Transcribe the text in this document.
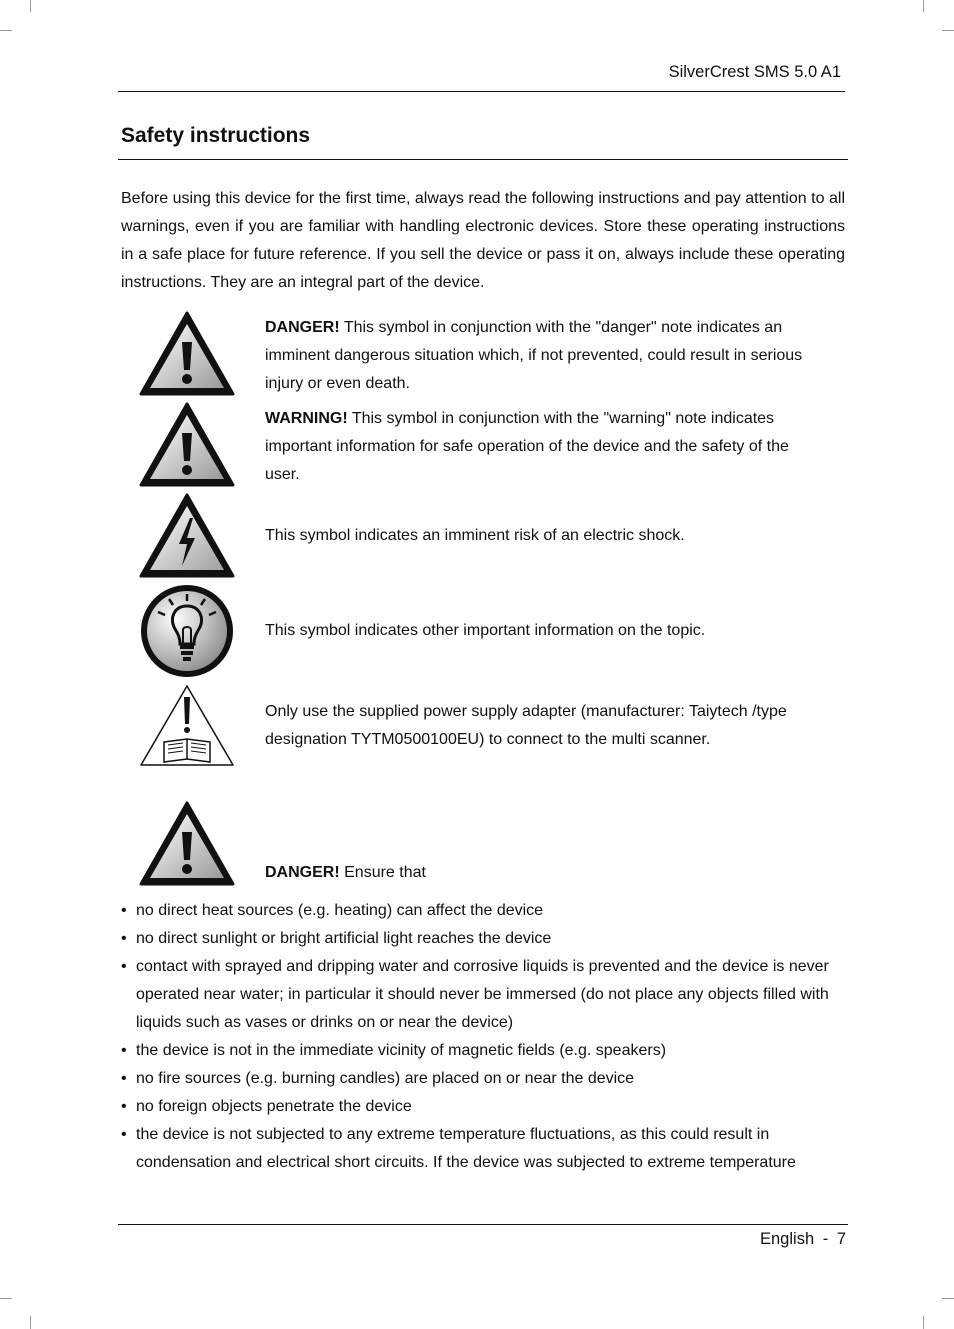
SilverCrest SMS 5.0 A1
Safety instructions

Before using this device for the first time, always read the following instructions and pay attention to all warnings, even if you are familiar with handling electronic devices. Store these operating instructions in a safe place for future reference. If you sell the device or pass it on, always include these operating instructions. They are an integral part of the device.

DANGER! This symbol in conjunction with the "danger" note indicates an imminent dangerous situation which, if not prevented, could result in serious injury or even death.

WARNING! This symbol in conjunction with the "warning" note indicates important information for safe operation of the device and the safety of the user.

This symbol indicates an imminent risk of an electric shock.

This symbol indicates other important information on the topic.

Only use the supplied power supply adapter (manufacturer: Taiytech /type designation TYTM0500100EU) to connect to the multi scanner.

DANGER! Ensure that

• no direct heat sources (e.g. heating) can affect the device
• no direct sunlight or bright artificial light reaches the device
• contact with sprayed and dripping water and corrosive liquids is prevented and the device is never operated near water; in particular it should never be immersed (do not place any objects filled with liquids such as vases or drinks on or near the device)
• the device is not in the immediate vicinity of magnetic fields (e.g. speakers)
• no fire sources (e.g. burning candles) are placed on or near the device
• no foreign objects penetrate the device
• the device is not subjected to any extreme temperature fluctuations, as this could result in condensation and electrical short circuits. If the device was subjected to extreme temperature
English - 7
